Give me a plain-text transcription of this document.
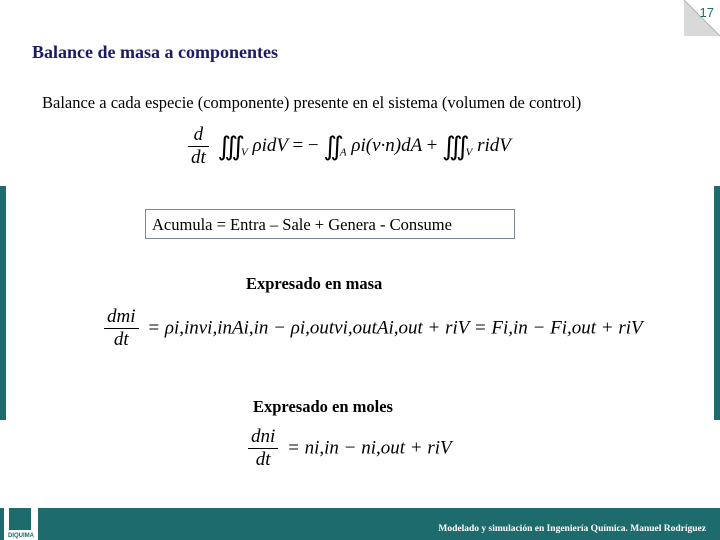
17
Balance de masa a componentes
Balance a cada especie (componente) presente en el sistema (volumen de control)
$\frac{d}{dt}$ $∭_V$ ρidV = − $∬_A$ $\rho i(v\cdot n)dA + ∭_V$ ridV
Acumula = Entra – Sale + Genera - Consume
Expresado en masa
$\frac{\text{dmi}}{dt}$ = ρi,invi,inAi,in − ρi,outvi,outAi,out + riV = Fi,in − Fi,out + riV
Expresado en moles
$\frac{\text{dni}}{dt} = ni,in - ni,out$ + riV
Modelado y simulación en Ingeniería Química. Manuel Rodríguez
DIQUIMA
